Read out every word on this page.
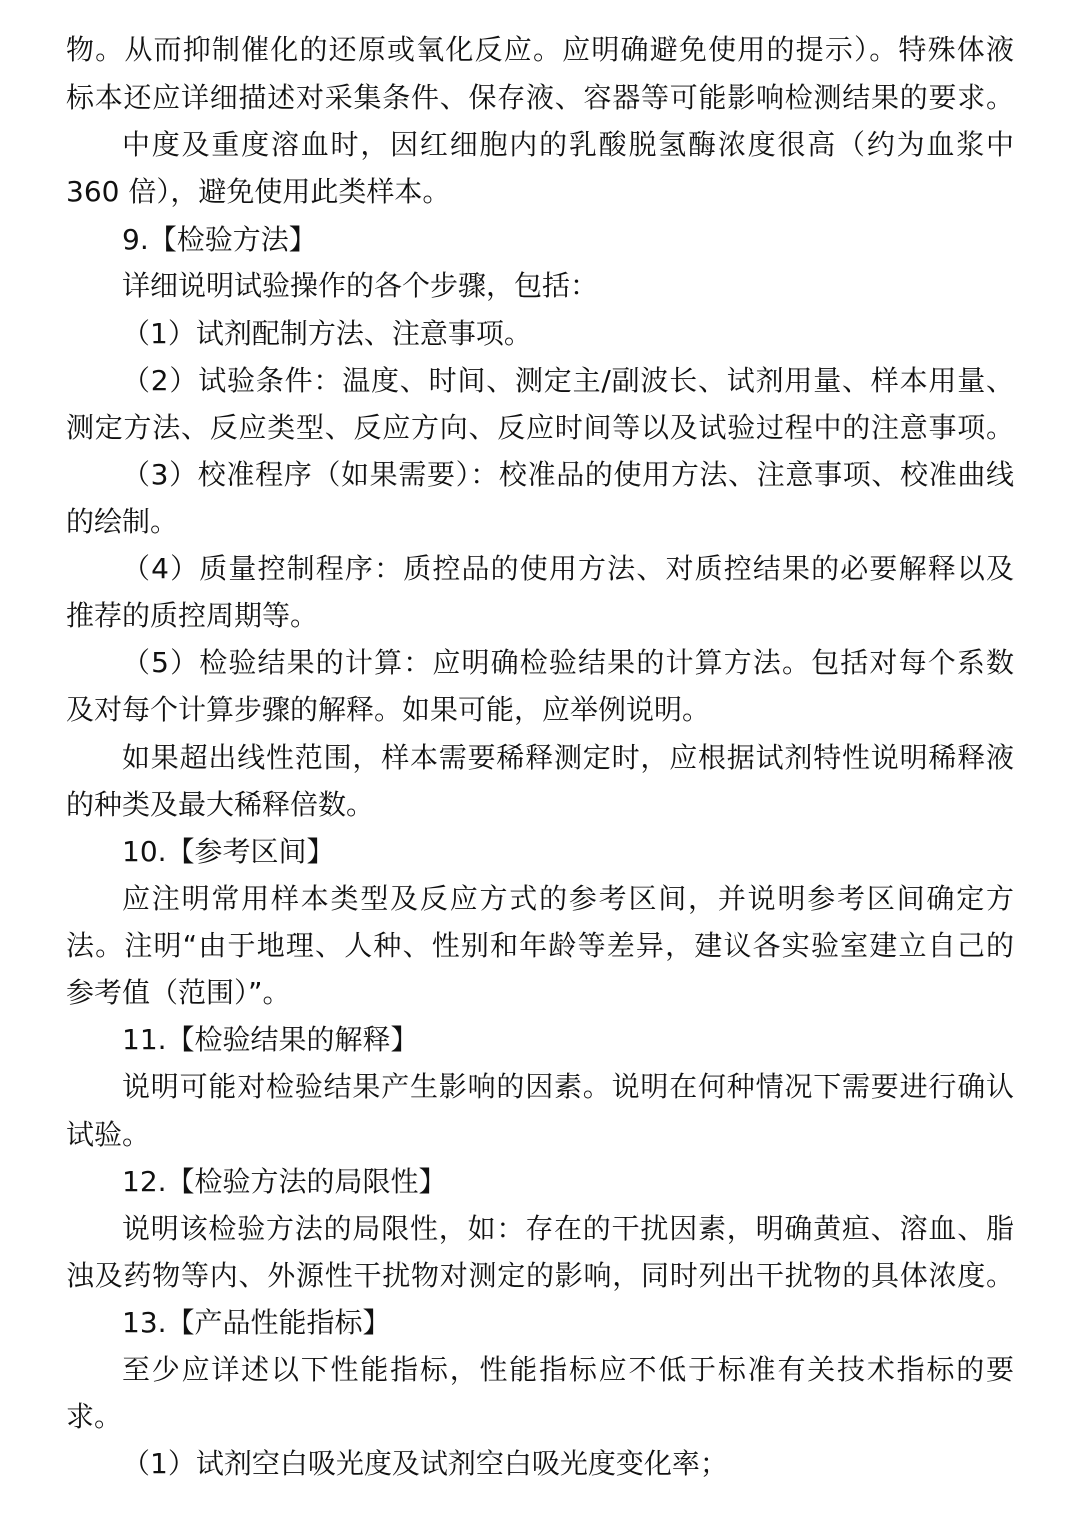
物。从而抑制催化的还原或氧化反应。应明确避免使用的提示）。特殊体液
标本还应详细描述对采集条件、保存液、容器等可能影响检测结果的要求。
中度及重度溶血时，因红细胞内的乳酸脱氢酶浓度很高（约为血浆中
360 倍），避免使用此类样本。
9.【检验方法】
详细说明试验操作的各个步骤，包括：
（1）试剂配制方法、注意事项。
（2）试验条件：温度、时间、测定主/副波长、试剂用量、样本用量、
测定方法、反应类型、反应方向、反应时间等以及试验过程中的注意事项。
（3）校准程序（如果需要）：校准品的使用方法、注意事项、校准曲线
的绘制。
（4）质量控制程序：质控品的使用方法、对质控结果的必要解释以及
推荐的质控周期等。
（5）检验结果的计算：应明确检验结果的计算方法。包括对每个系数
及对每个计算步骤的解释。如果可能，应举例说明。
如果超出线性范围，样本需要稀释测定时，应根据试剂特性说明稀释液
的种类及最大稀释倍数。
10.【参考区间】
应注明常用样本类型及反应方式的参考区间，并说明参考区间确定方
法。注明“由于地理、人种、性别和年龄等差异，建议各实验室建立自己的
参考值（范围）”。
11.【检验结果的解释】
说明可能对检验结果产生影响的因素。说明在何种情况下需要进行确认
试验。
12.【检验方法的局限性】
说明该检验方法的局限性，如：存在的干扰因素，明确黄疸、溶血、脂
浊及药物等内、外源性干扰物对测定的影响，同时列出干扰物的具体浓度。
13.【产品性能指标】
至少应详述以下性能指标，性能指标应不低于标准有关技术指标的要
求。
（1）试剂空白吸光度及试剂空白吸光度变化率；
